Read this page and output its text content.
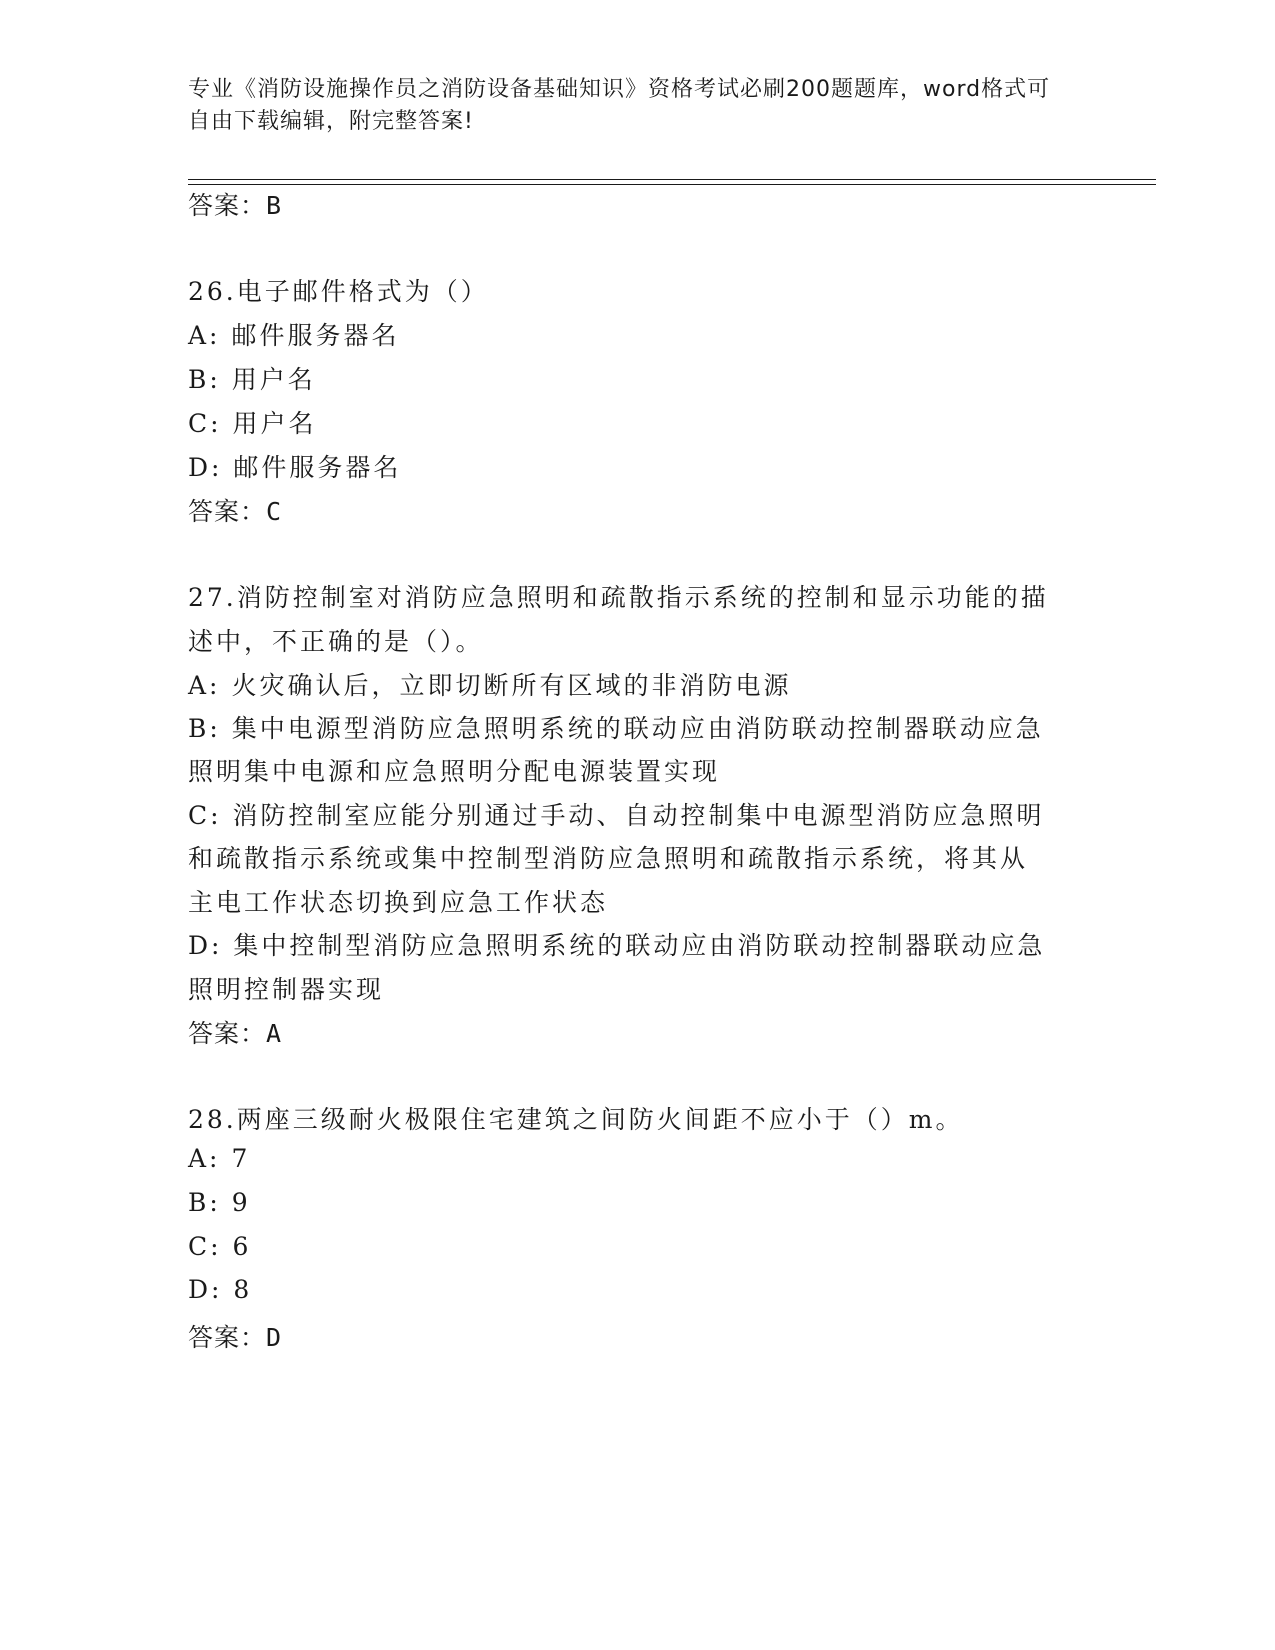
专业《消防设施操作员之消防设备基础知识》资格考试必刷200题题库，word格式可自由下载编辑，附完整答案!
答案：B
26.电子邮件格式为（）
A: 邮件服务器名
B: 用户名
C: 用户名
D: 邮件服务器名
答案：C
27.消防控制室对消防应急照明和疏散指示系统的控制和显示功能的描
述中，不正确的是（）。
A: 火灾确认后，立即切断所有区域的非消防电源
B: 集中电源型消防应急照明系统的联动应由消防联动控制器联动应急
照明集中电源和应急照明分配电源装置实现
C: 消防控制室应能分别通过手动、自动控制集中电源型消防应急照明
和疏散指示系统或集中控制型消防应急照明和疏散指示系统，将其从
主电工作状态切换到应急工作状态
D: 集中控制型消防应急照明系统的联动应由消防联动控制器联动应急
照明控制器实现
答案：A
28.两座三级耐火极限住宅建筑之间防火间距不应小于（）m。
A: 7
B: 9
C: 6
D: 8
答案：D
